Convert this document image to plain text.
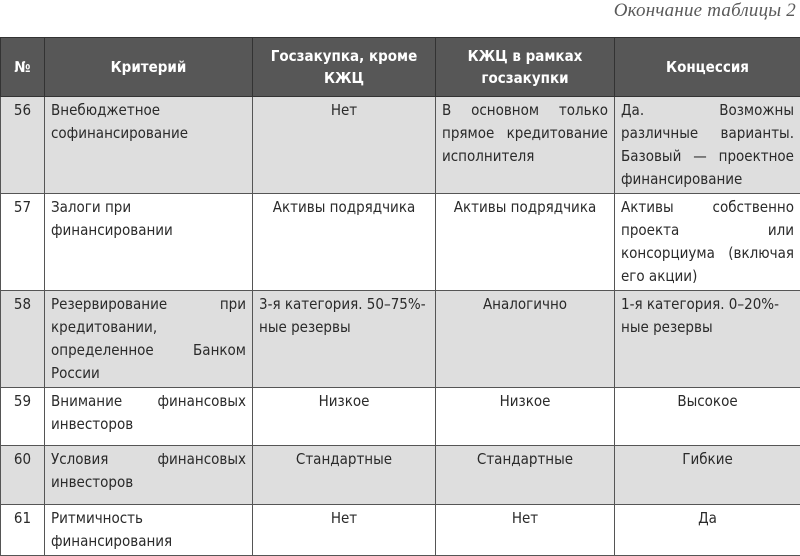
Окончание таблицы 2
№	Критерий	Госзакупка, кроме КЖЦ	КЖЦ в рамках госзакупки	Концессия
56	Внебюджетное софинансирование	Нет	В основном только прямое кредитование исполнителя	Да. Возможны различные варианты. Базовый — проектное финансирование
57	Залоги при финансировании	Активы подрядчика	Активы подрядчика	Активы собственно проекта или консорциума (включая его акции)
58	Резервирование при кредитовании, определенное Банком России	3-я категория. 50–75%-ные резервы	Аналогично	1-я категория. 0–20%-ные резервы
59	Внимание финансовых инвесторов	Низкое	Низкое	Высокое
60	Условия финансовых инвесторов	Стандартные	Стандартные	Гибкие
61	Ритмичность финансирования	Нет	Нет	Да
